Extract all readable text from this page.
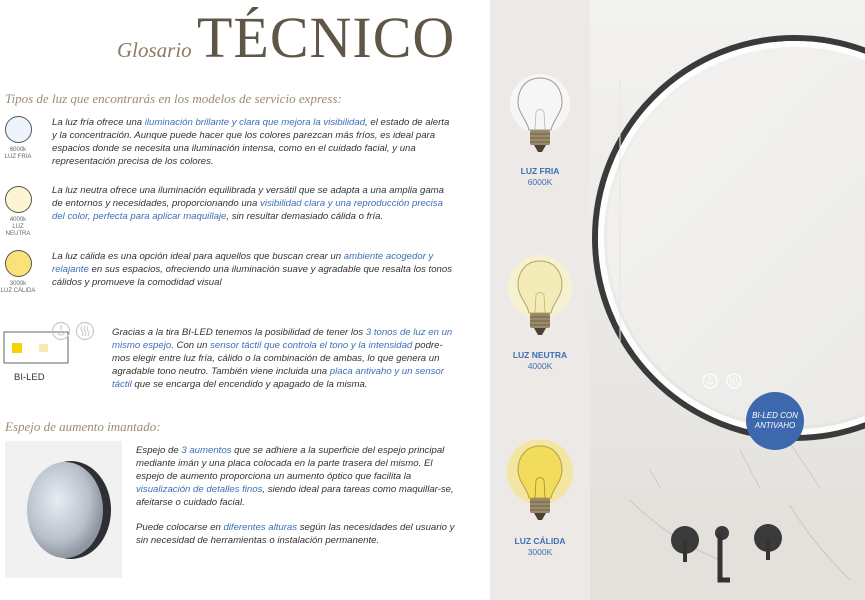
Glosario TÉCNICO
Tipos de luz que encontrarás en los modelos de servicio express:
6000k
LUZ FRIA
La luz fría ofrece una iluminación brillante y clara que mejora la visibilidad, el estado de alerta y la concentración. Aunque puede hacer que los colores parezcan más fríos, es ideal para espacios donde se necesita una iluminación intensa, como en el cuidado facial, y una representación precisa de los colores.
4000k
LUZ NEUTRA
La luz neutra ofrece una iluminación equilibrada y versátil que se adapta a una amplia gama de entornos y necesidades, proporcionando una visibilidad clara y una reproducción precisa del color, perfecta para aplicar maquillaje, sin resultar demasiado cálida o fría.
3000k
LUZ CÁLIDA
La luz cálida es una opción ideal para aquellos que buscan crear un ambiente acogedor y relajante en sus espacios, ofreciendo una iluminación suave y agradable que resalta los tonos cálidos y promueve la comodidad visual
BI-LED
Gracias a la tira BI-LED tenemos la posibilidad de tener los 3 tonos de luz en un mismo espejo. Con un sensor táctil que controla el tono y la intensidad podre-mos elegir entre luz fría, cálido o la combinación de ambas, lo que genera un agradable tono neutro. También viene incluida una placa antivaho y un sensor táctil que se encarga del encendido y apagado de la misma.
Espejo de aumento imantado:
Espejo de 3 aumentos que se adhiere a la superficie del espejo principal mediante imán y una placa colocada en la parte trasera del mismo. El espejo de aumento proporciona un aumento óptico que facilita la visualización de detalles finos, siendo ideal para tareas como maquillar-se, afeitarse o cuidado facial.
Puede colocarse en diferentes alturas según las necesidades del usuario y sin necesidad de herramientas o instalación permanente.
LUZ FRIA
6000K
LUZ NEUTRA
4000K
LUZ CÁLIDA
3000K
BI-LED CON ANTIVAHO
